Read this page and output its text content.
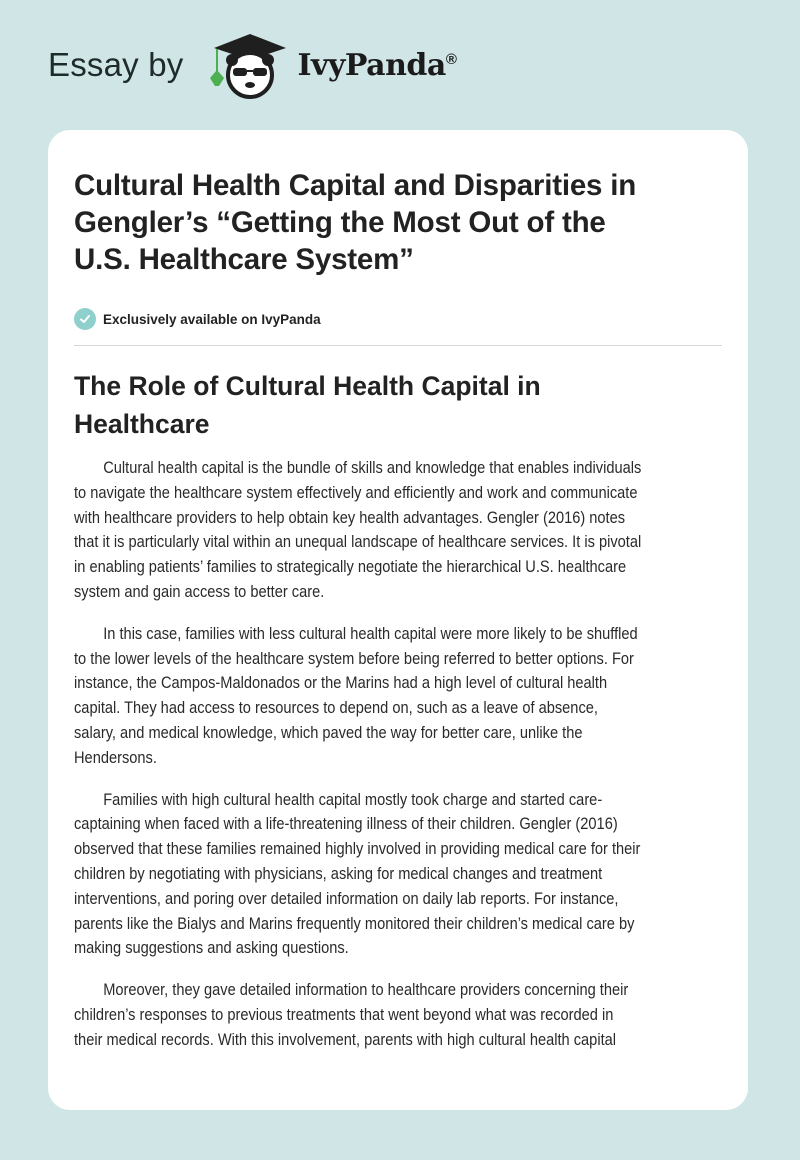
Essay by	IvyPanda®
Cultural Health Capital and Disparities in
Gengler’s “Getting the Most Out of the
U.S. Healthcare System”
Exclusively available on IvyPanda
The Role of Cultural Health Capital in
Healthcare

Cultural health capital is the bundle of skills and knowledge that enables individuals
to navigate the healthcare system effectively and efficiently and work and communicate
with healthcare providers to help obtain key health advantages. Gengler (2016) notes
that it is particularly vital within an unequal landscape of healthcare services. It is pivotal
in enabling patients’ families to strategically negotiate the hierarchical U.S. healthcare
system and gain access to better care.

In this case, families with less cultural health capital were more likely to be shuffled
to the lower levels of the healthcare system before being referred to better options. For
instance, the Campos-Maldonados or the Marins had a high level of cultural health
capital. They had access to resources to depend on, such as a leave of absence,
salary, and medical knowledge, which paved the way for better care, unlike the
Hendersons.

Families with high cultural health capital mostly took charge and started care-
captaining when faced with a life-threatening illness of their children. Gengler (2016)
observed that these families remained highly involved in providing medical care for their
children by negotiating with physicians, asking for medical changes and treatment
interventions, and poring over detailed information on daily lab reports. For instance,
parents like the Bialys and Marins frequently monitored their children’s medical care by
making suggestions and asking questions.

Moreover, they gave detailed information to healthcare providers concerning their
children’s responses to previous treatments that went beyond what was recorded in
their medical records. With this involvement, parents with high cultural health capital
